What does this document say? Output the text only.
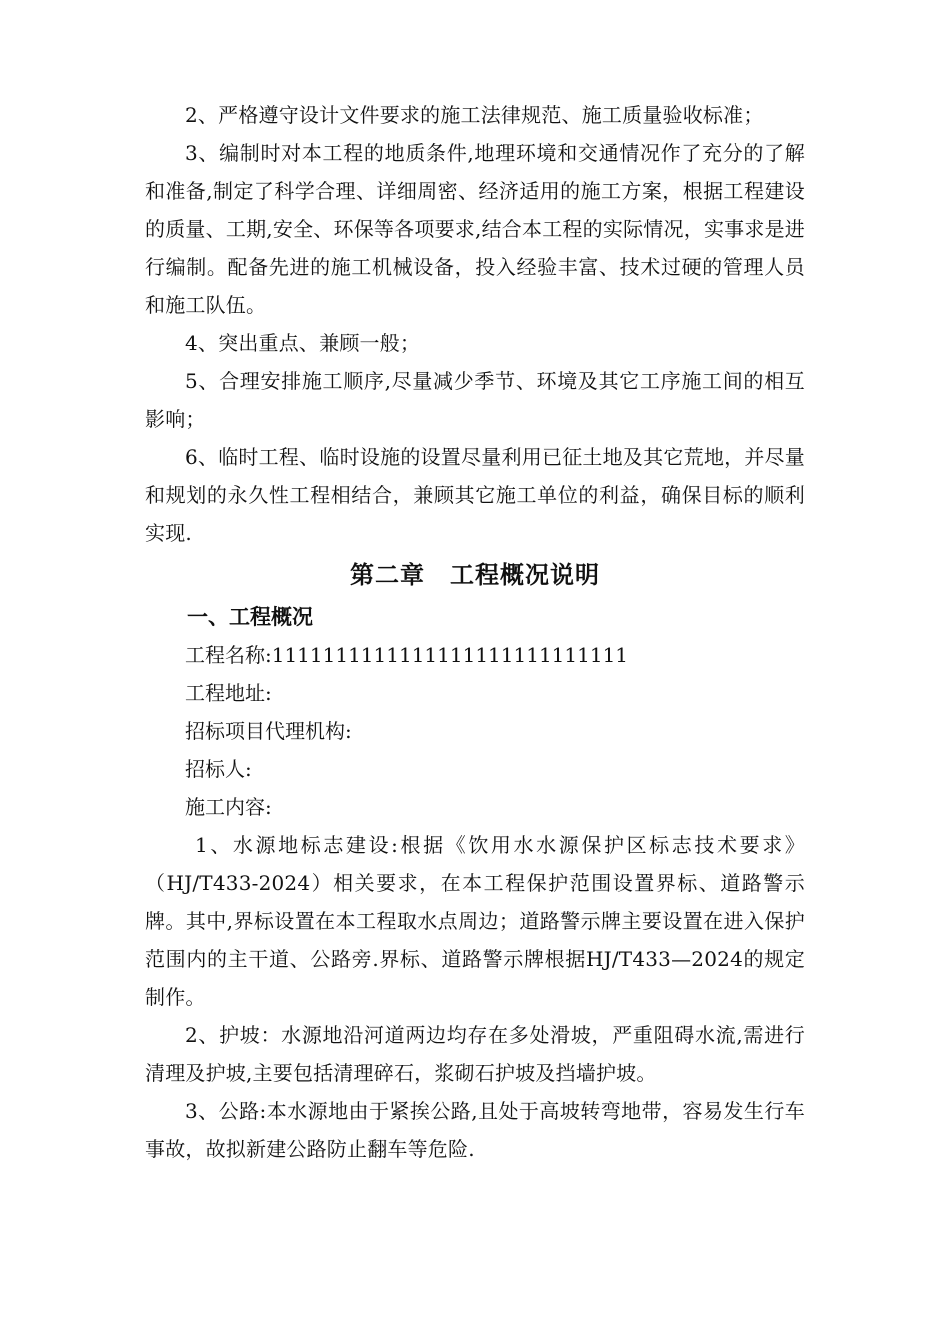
2、严格遵守设计文件要求的施工法律规范、施工质量验收标准；

3、编制时对本工程的地质条件,地理环境和交通情况作了充分的了解和准备,制定了科学合理、详细周密、经济适用的施工方案，根据工程建设的质量、工期,安全、环保等各项要求,结合本工程的实际情况，实事求是进行编制。配备先进的施工机械设备，投入经验丰富、技术过硬的管理人员和施工队伍。

4、突出重点、兼顾一般；

5、合理安排施工顺序,尽量减少季节、环境及其它工序施工间的相互影响；

6、临时工程、临时设施的设置尽量利用已征土地及其它荒地，并尽量和规划的永久性工程相结合，兼顾其它施工单位的利益，确保目标的顺利实现.

第二章　工程概况说明
一、工程概况
工程名称:1111111111111111111111111111
工程地址:
招标项目代理机构:
招标人:
施工内容:

1、水源地标志建设:根据《饮用水水源保护区标志技术要求》（HJ/T433-2024）相关要求，在本工程保护范围设置界标、道路警示牌。其中,界标设置在本工程取水点周边；道路警示牌主要设置在进入保护范围内的主干道、公路旁.界标、道路警示牌根据HJ/T433—2024的规定制作。

2、护坡：水源地沿河道两边均存在多处滑坡，严重阻碍水流,需进行清理及护坡,主要包括清理碎石，浆砌石护坡及挡墙护坡。

3、公路:本水源地由于紧挨公路,且处于高坡转弯地带，容易发生行车事故，故拟新建公路防止翻车等危险.
